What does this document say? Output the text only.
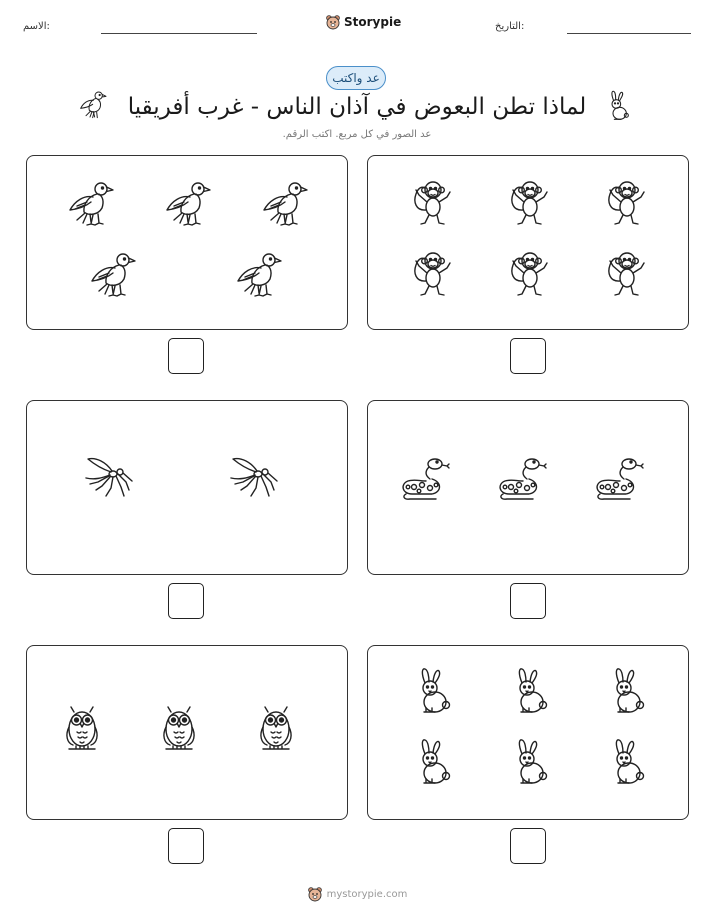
الاسم:	Storypie	التاريخ:
عد واكتب
لماذا تطن البعوض في آذان الناس - غرب أفريقيا
عد الصور في كل مربع. اكتب الرقم.
mystorypie.com
